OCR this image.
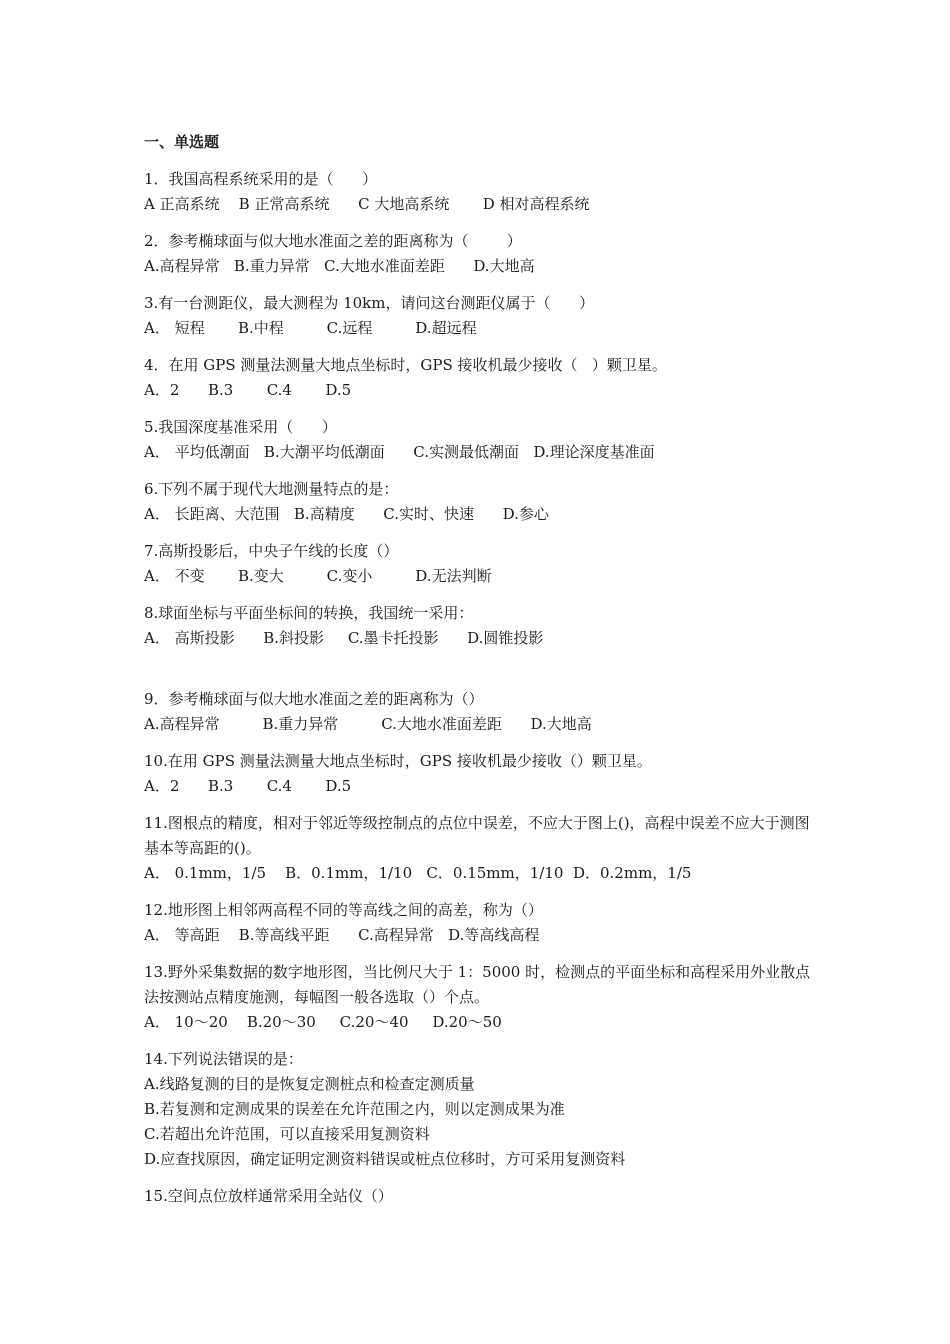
一、单选题
1．我国高程系统采用的是（      ）
A 正高系统    B 正常高系统      C 大地高系统       D 相对高程系统
2．参考椭球面与似大地水准面之差的距离称为（        ）
A.高程异常   B.重力异常   C.大地水准面差距      D.大地高
3.有一台测距仪，最大测程为 10km，请问这台测距仪属于（      ）
A． 短程       B.中程         C.远程         D.超远程
4．在用 GPS 测量法测量大地点坐标时，GPS 接收机最少接收（   ）颗卫星。
A．2      B.3       C.4       D.5
5.我国深度基准采用（      ）
A． 平均低潮面   B.大潮平均低潮面      C.实测最低潮面   D.理论深度基准面
6.下列不属于现代大地测量特点的是：
A． 长距离、大范围   B.高精度      C.实时、快速      D.参心
7.高斯投影后，中央子午线的长度（）
A． 不变       B.变大         C.变小         D.无法判断
8.球面坐标与平面坐标间的转换，我国统一采用：
A． 高斯投影      B.斜投影     C.墨卡托投影      D.圆锥投影
9．参考椭球面与似大地水准面之差的距离称为（）
A.高程异常         B.重力异常         C.大地水准面差距      D.大地高
10.在用 GPS 测量法测量大地点坐标时，GPS 接收机最少接收（）颗卫星。
A．2      B.3       C.4       D.5
11.图根点的精度，相对于邻近等级控制点的点位中误差，不应大于图上()，高程中误差不应大于测图基本等高距的()。
A． 0.1mm，1/5    B．0.1mm，1/10   C．0.15mm，1/10  D．0.2mm，1/5
12.地形图上相邻两高程不同的等高线之间的高差，称为（）
A． 等高距    B.等高线平距      C.高程异常   D.等高线高程
13.野外采集数据的数字地形图，当比例尺大于 1：5000 时，检测点的平面坐标和高程采用外业散点法按测站点精度施测，每幅图一般各选取（）个点。
A． 10～20    B.20～30     C.20～40     D.20～50
14.下列说法错误的是：
A.线路复测的目的是恢复定测桩点和检查定测质量
B.若复测和定测成果的误差在允许范围之内，则以定测成果为准
C.若超出允许范围，可以直接采用复测资料
D.应查找原因，确定证明定测资料错误或桩点位移时，方可采用复测资料
15.空间点位放样通常采用全站仪（）
